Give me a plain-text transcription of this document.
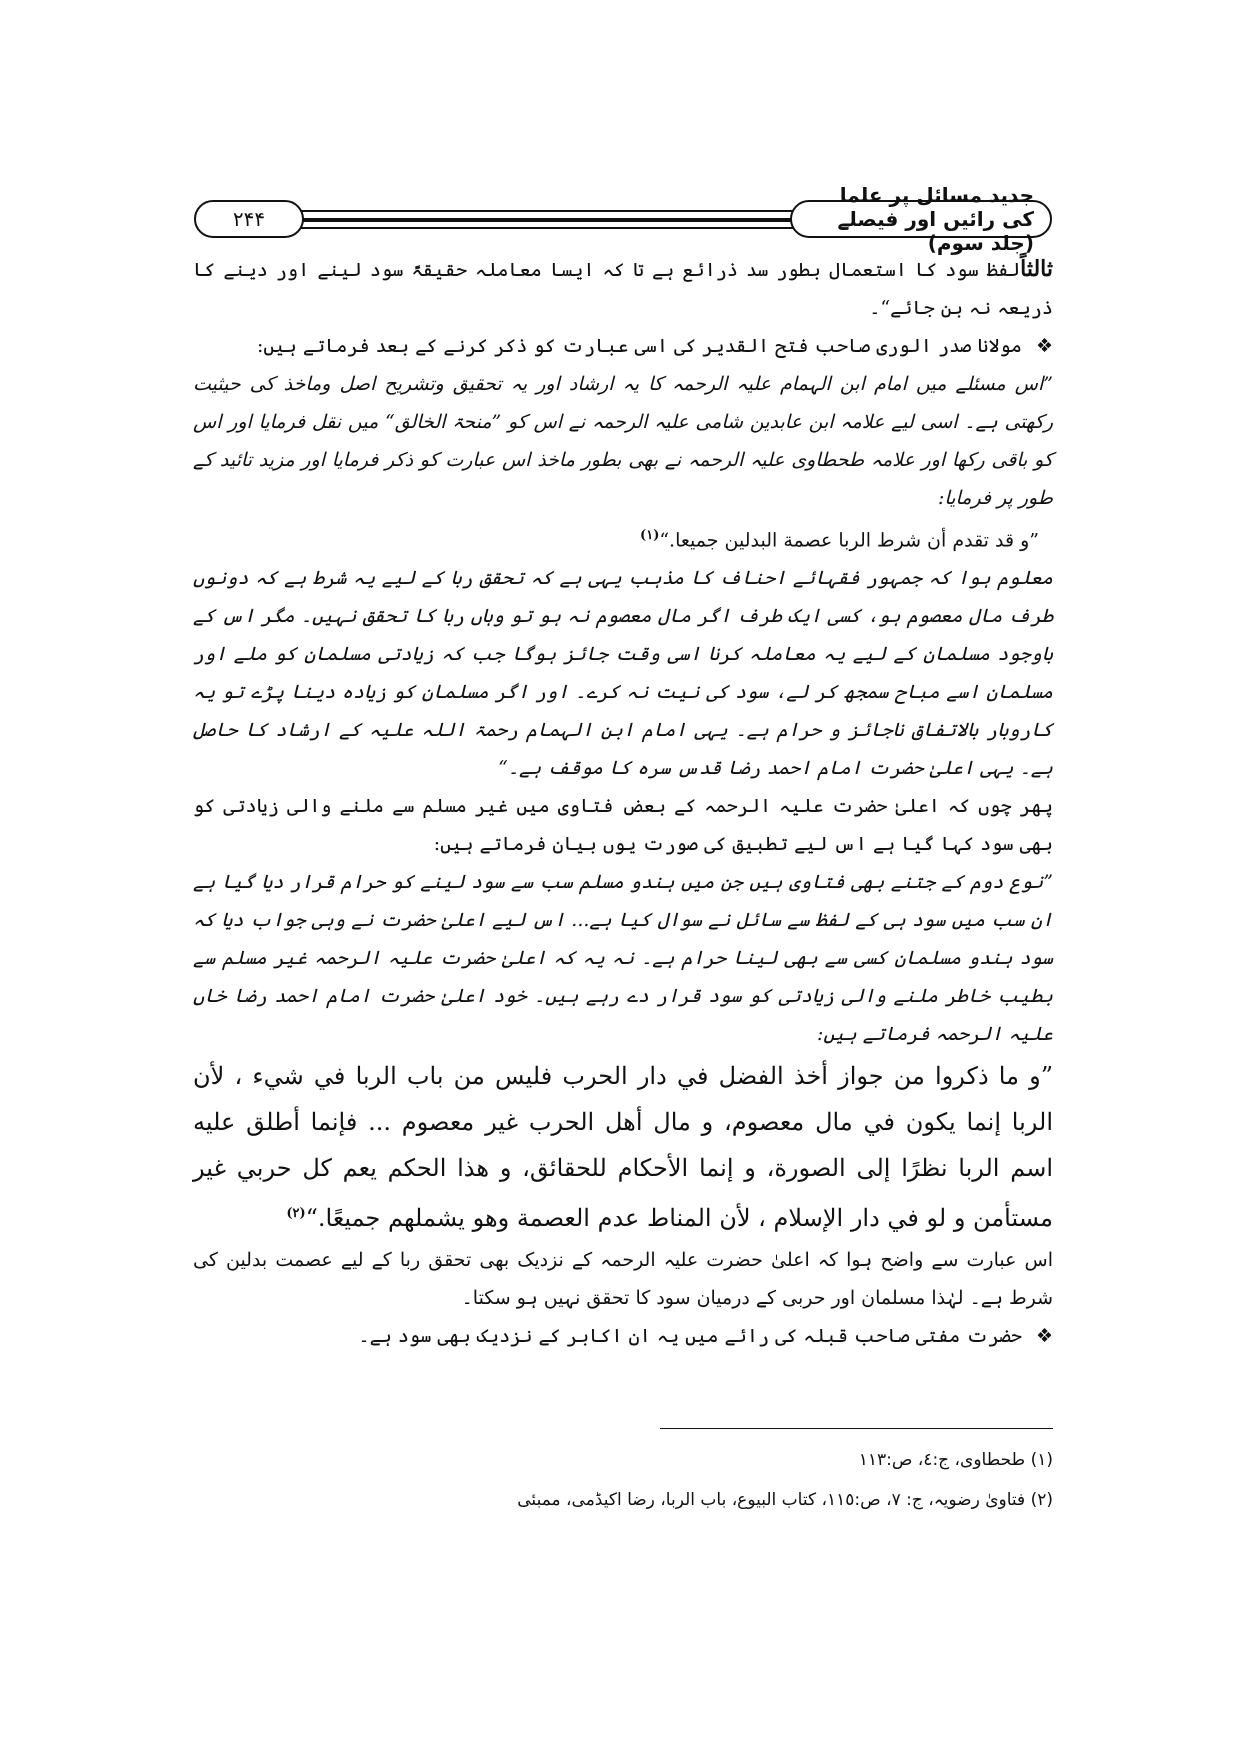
۲۴۴
جدید مسائل پر علما کی رائیں اور فیصلے (جلد سوم)

ثالثاًلفظ سود کا استعمال بطور سد ذرائع ہے تا کہ ایسا معاملہ حقیقۃً سود لینے اور دینے کا ذریعہ نہ بن جائے“۔

❖مولانا صدر الوری صاحب فتح القدیر کی اسی عبارت کو ذکر کرنے کے بعد فرماتے ہیں:

”اس مسئلے میں امام ابن الہمام علیہ الرحمہ کا یہ ارشاد اور یہ تحقیق وتشریح اصل وماخذ کی حیثیت رکھتی ہے۔ اسی لیے علامہ ابن عابدین شامی علیہ الرحمہ نے اس کو ”منحۃ الخالق“ میں نقل فرمایا اور اس کو باقی رکھا اور علامہ طحطاوی علیہ الرحمہ نے بھی بطور ماخذ اس عبارت کو ذکر فرمایا اور مزید تائید کے طور پر فرمایا:

”و قد تقدم أن شرط الربا عصمة البدلين جميعا.“$^{(۱)}$

معلوم ہوا کہ جمہور فقہائے احناف کا مذہب یہی ہے کہ تحقق ربا کے لیے یہ شرط ہے کہ دونوں طرف مال معصوم ہو، کسی ایک طرف اگر مال معصوم نہ ہو تو وہاں ربا کا تحقق نہیں۔ مگر اس کے باوجود مسلمان کے لیے یہ معاملہ کرنا اسی وقت جائز ہوگا جب کہ زیادتی مسلمان کو ملے اور مسلمان اسے مباح سمجھ کر لے، سود کی نیت نہ کرے۔ اور اگر مسلمان کو زیادہ دینا پڑے تو یہ کاروبار بالاتفاق ناجائز و حرام ہے۔ یہی امام ابن الہمام رحمۃ اللہ علیہ کے ارشاد کا حاصل ہے۔ یہی اعلیٰ حضرت امام احمد رضا قدس سرہ کا موقف ہے۔“

پھر چوں کہ اعلیٰ حضرت علیہ الرحمہ کے بعض فتاوی میں غیر مسلم سے ملنے والی زیادتی کو بھی سود کہا گیا ہے اس لیے تطبیق کی صورت یوں بیان فرماتے ہیں:

”نوع دوم کے جتنے بھی فتاوی ہیں جن میں ہندو مسلم سب سے سود لینے کو حرام قرار دیا گیا ہے ان سب میں سود ہی کے لفظ سے سائل نے سوال کیا ہے... اس لیے اعلیٰ حضرت نے وہی جواب دیا کہ سود ہندو مسلمان کسی سے بھی لینا حرام ہے۔ نہ یہ کہ اعلیٰ حضرت علیہ الرحمہ غیر مسلم سے بطیب خاطر ملنے والی زیادتی کو سود قرار دے رہے ہیں۔ خود اعلیٰ حضرت امام احمد رضا خاں علیہ الرحمہ فرماتے ہیں:

”و ما ذكروا من جواز أخذ الفضل في دار الحرب فليس من باب الربا في شيء ، لأن الربا إنما يكون في مال معصوم، و مال أهل الحرب غير معصوم ... فإنما أطلق عليه اسم الربا نظرًا إلى الصورة، و إنما الأحكام للحقائق، و هذا الحكم يعم كل حربي غير مستأمن و لو في دار الإسلام ، لأن المناط عدم العصمة وهو يشملهم جميعًا.“$^{(۲)}$

اس عبارت سے واضح ہوا کہ اعلیٰ حضرت علیہ الرحمہ کے نزدیک بھی تحقق ربا کے لیے عصمت بدلین کی شرط ہے۔ لہٰذا مسلمان اور حربی کے درمیان سود کا تحقق نہیں ہو سکتا۔

❖حضرت مفتی صاحب قبلہ کی رائے میں یہ ان اکابر کے نزدیک بھی سود ہے۔

(۱) طحطاوی، ج:٤، ص:١١٣
(۲) فتاویٰ رضویہ، ج: ۷، ص:١١٥، کتاب البیوع، باب الربا، رضا اکیڈمی، ممبئی
